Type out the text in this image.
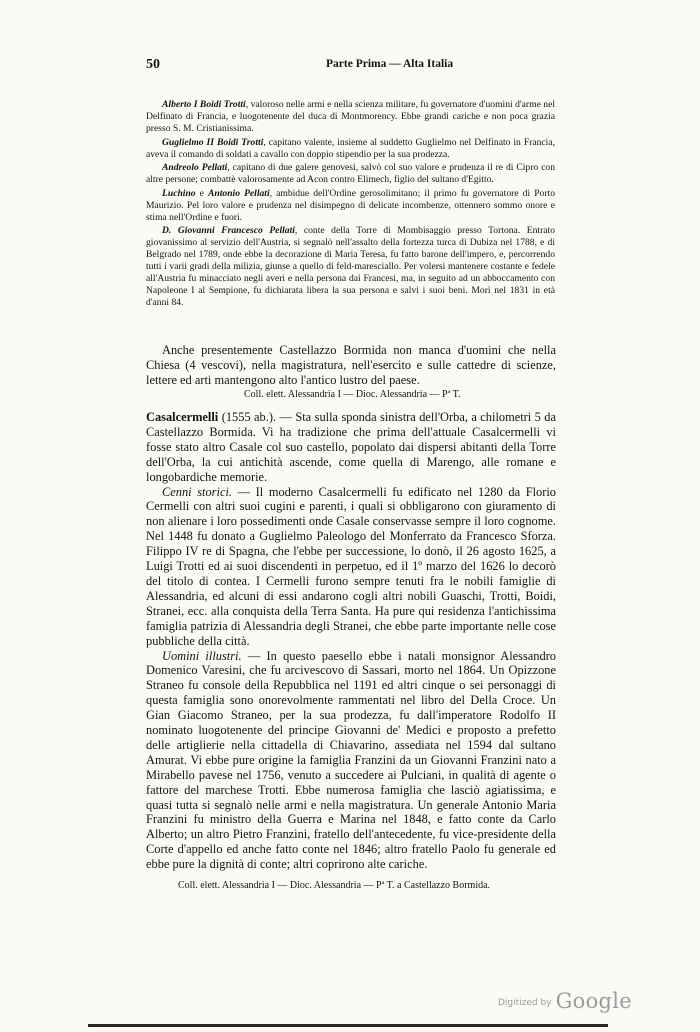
50	Parte Prima — Alta Italia

Alberto I Boidi Trotti, valoroso nelle armi e nella scienza militare, fu governatore d'uomini d'arme nel Delfinato di Francia, e luogotenente del duca di Montmorency. Ebbe grandi cariche e non poca grazia presso S. M. Cristianissima.

Guglielmo II Boidi Trotti, capitano valente, insieme al suddetto Guglielmo nel Delfinato in Francia, aveva il comando di soldati a cavallo con doppio stipendio per la sua prodezza.

Andreolo Pellati, capitano di due galere genovesi, salvò col suo valore e prudenza il re di Cipro con altre persone; combattè valorosamente ad Acon contro Elimech, figlio del sultano d'Egitto.

Luchino e Antonio Pellati, ambidue dell'Ordine gerosolimitano; il primo fu governatore di Porto Maurizio. Pel loro valore e prudenza nel disimpegno di delicate incombenze, ottennero sommo onore e stima nell'Ordine e fuori.

D. Giovanni Francesco Pellati, conte della Torre di Mombisaggio presso Tortona. Entrato giovanissimo al servizio dell'Austria, si segnalò nell'assalto della fortezza turca di Dubiza nel 1788, e di Belgrado nel 1789, onde ebbe la decorazione di Maria Teresa, fu fatto barone dell'impero, e, percorrendo tutti i varii gradi della milizia, giunse a quello di feld-maresciallo. Per volersi mantenere costante e fedele all'Austria fu minacciato negli averi e nella persona dai Francesi, ma, in seguito ad un abboccamento con Napoleone I al Sempione, fu dichiarata libera la sua persona e salvi i suoi beni. Morì nel 1831 in età d'anni 84.

Anche presentemente Castellazzo Bormida non manca d'uomini che nella Chiesa (4 vescovi), nella magistratura, nell'esercito e sulle cattedre di scienze, lettere ed arti mantengono alto l'antico lustro del paese.

Coll. elett. Alessandria I — Dioc. Alessandria — Pª T.

Casalcermelli (1555 ab.). — Sta sulla sponda sinistra dell'Orba, a chilometri 5 da Castellazzo Bormida. Vi ha tradizione che prima dell'attuale Casalcermelli vi fosse stato altro Casale col suo castello, popolato dai dispersi abitanti della Torre dell'Orba, la cui antichità ascende, come quella di Marengo, alle romane e longobardiche memorie.

Cenni storici. — Il moderno Casalcermelli fu edificato nel 1280 da Florio Cermelli con altri suoi cugini e parenti, i quali si obbligarono con giuramento di non alienare i loro possedimenti onde Casale conservasse sempre il loro cognome. Nel 1448 fu donato a Guglielmo Paleologo del Monferrato da Francesco Sforza. Filippo IV re di Spagna, che l'ebbe per successione, lo donò, il 26 agosto 1625, a Luigi Trotti ed ai suoi discendenti in perpetuo, ed il 1º marzo del 1626 lo decorò del titolo di contea. I Cermelli furono sempre tenuti fra le nobili famiglie di Alessandria, ed alcuni di essi andarono cogli altri nobili Guaschi, Trotti, Boidi, Stranei, ecc. alla conquista della Terra Santa. Ha pure qui residenza l'antichissima famiglia patrizia di Alessandria degli Stranei, che ebbe parte importante nelle cose pubbliche della città.

Uomini illustri. — In questo paesello ebbe i natali monsignor Alessandro Domenico Varesini, che fu arcivescovo di Sassari, morto nel 1864. Un Opizzone Straneo fu console della Repubblica nel 1191 ed altri cinque o sei personaggi di questa famiglia sono onorevolmente rammentati nel libro del Della Croce. Un Gian Giacomo Straneo, per la sua prodezza, fu dall'imperatore Rodolfo II nominato luogotenente del principe Giovanni de' Medici e proposto a prefetto delle artiglierie nella cittadella di Chiavarino, assediata nel 1594 dal sultano Amurat. Vi ebbe pure origine la famiglia Franzini da un Giovanni Franzini nato a Mirabello pavese nel 1756, venuto a succedere ai Pulciani, in qualità di agente o fattore del marchese Trotti. Ebbe numerosa famiglia che lasciò agiatissima, e quasi tutta si segnalò nelle armi e nella magistratura. Un generale Antonio Maria Franzini fu ministro della Guerra e Marina nel 1848, e fatto conte da Carlo Alberto; un altro Pietro Franzini, fratello dell'antecedente, fu vice-presidente della Corte d'appello ed anche fatto conte nel 1846; altro fratello Paolo fu generale ed ebbe pure la dignità di conte; altri coprirono alte cariche.

Coll. elett. Alessandria I — Dioc. Alessandria — Pª T. a Castellazzo Bormida.
Digitized by Google
